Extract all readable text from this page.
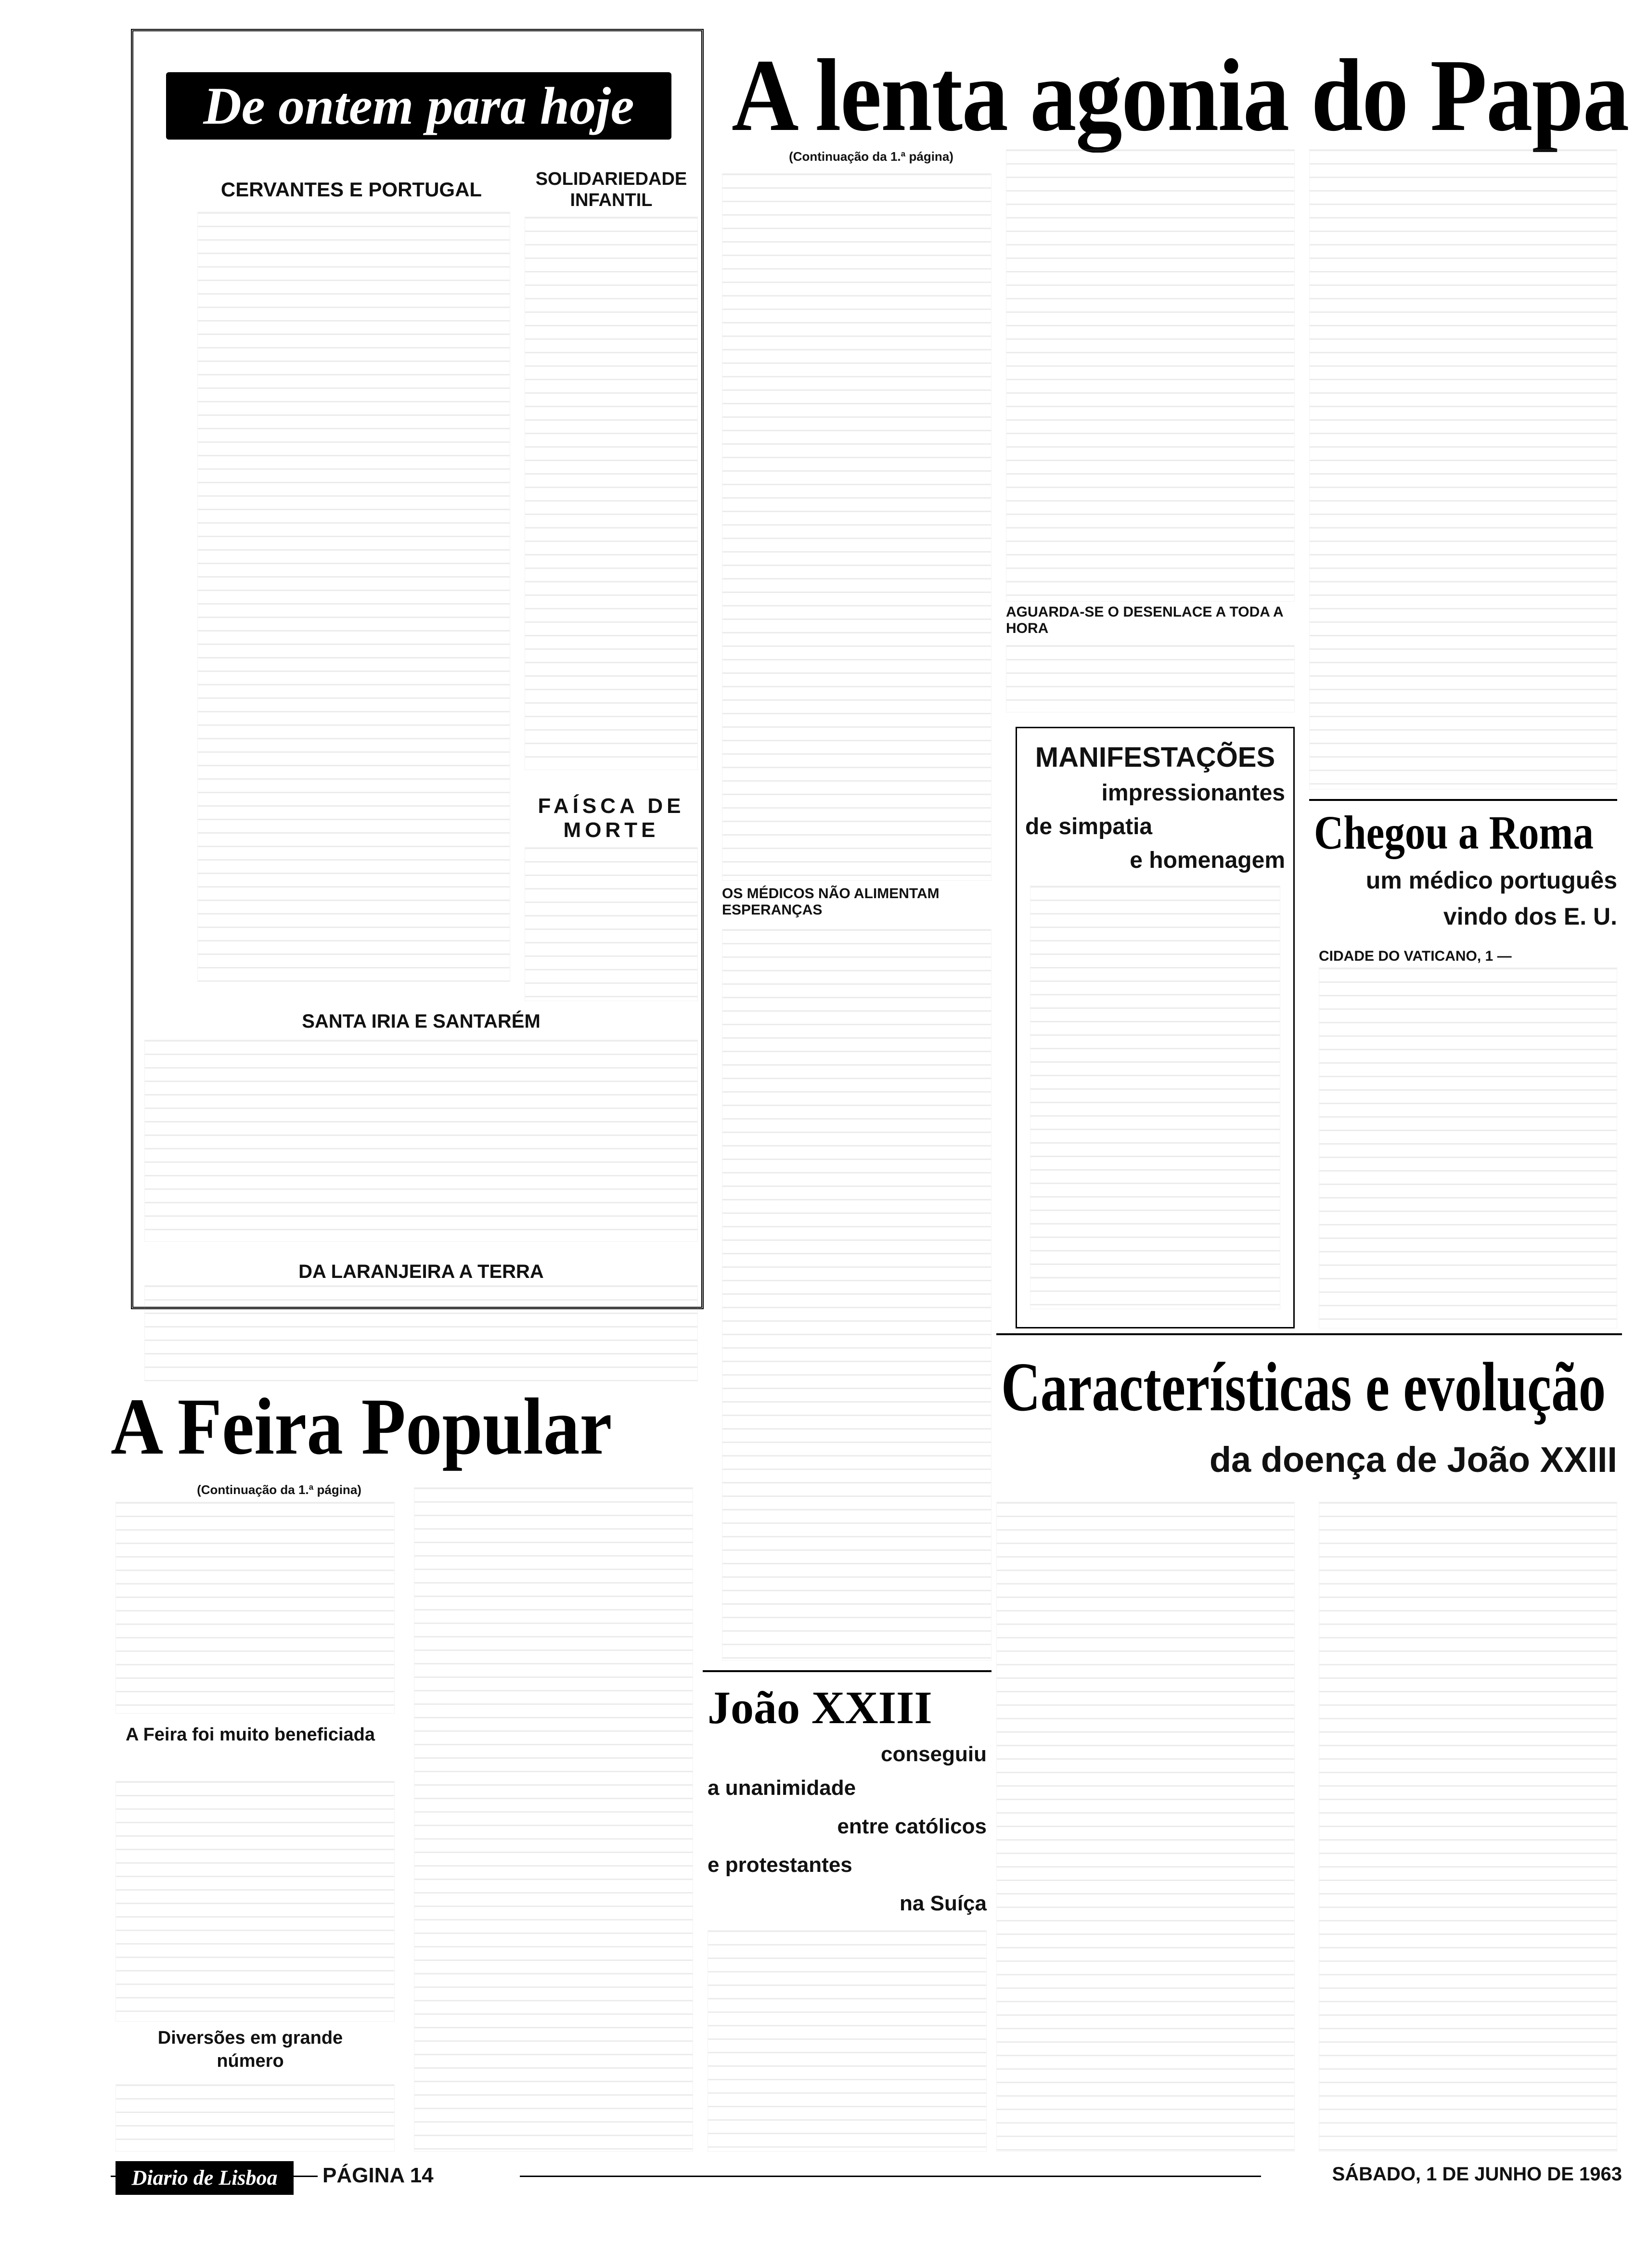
De ontem para hoje
CERVANTES E PORTUGAL
SANTA IRIA E SANTARÉM
DA LARANJEIRA A TERRA
SOLIDARIEDADE INFANTIL
FAÍSCA DE MORTE
A lenta agonia do Papa
(Continuação da 1.ª página)
OS MÉDICOS NÃO ALIMENTAM ESPERANÇAS
AGUARDA-SE O DESENLACE A TODA A HORA
MANIFESTAÇÕES
impressionantes
de simpatia
e homenagem
Chegou a Roma
um médico português
vindo dos E. U.
CIDADE DO VATICANO, 1 —
Características e evolução
da doença de João XXIII
João XXIII
conseguiu
a unanimidade
entre católicos
e protestantes
na Suíça
A Feira Popular
(Continuação da 1.ª página)
A Feira foi muito beneficiada
Diversões em grande número
Diario de Lisboa PÁGINA 14	SÁBADO, 1 DE JUNHO DE 1963
